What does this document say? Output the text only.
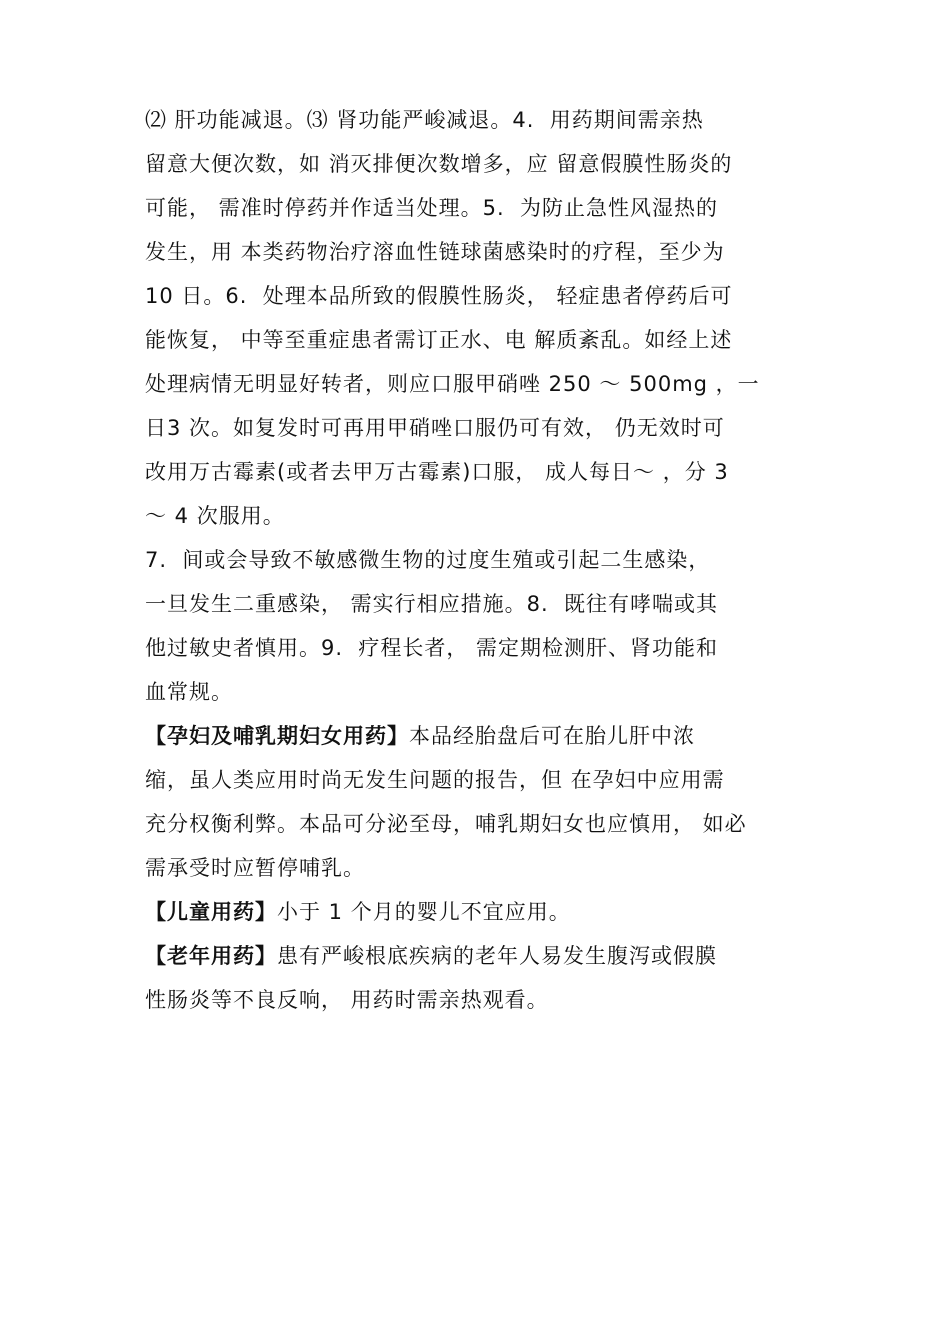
⑵ 肝功能减退。⑶ 肾功能严峻减退。4.  用药期间需亲热
留意大便次数，如 消灭排便次数增多，应 留意假膜性肠炎的
可能， 需准时停药并作适当处理。5.  为防止急性风湿热的
发生，用 本类药物治疗溶血性链球菌感染时的疗程，至少为
10 日。6.  处理本品所致的假膜性肠炎， 轻症患者停药后可
能恢复， 中等至重症患者需订正水、电 解质紊乱。如经上述
处理病情无明显好转者，则应口服甲硝唑 250 ～ 500mg ，一
日3 次。如复发时可再用甲硝唑口服仍可有效， 仍无效时可
改用万古霉素(或者去甲万古霉素)口服， 成人每日～ ，分 3
～ 4 次服用。
7.  间或会导致不敏感微生物的过度生殖或引起二生感染，
一旦发生二重感染， 需实行相应措施。8.  既往有哮喘或其
他过敏史者慎用。9.  疗程长者， 需定期检测肝、肾功能和
血常规。
【孕妇及哺乳期妇女用药】本品经胎盘后可在胎儿肝中浓
缩，虽人类应用时尚无发生问题的报告，但 在孕妇中应用需
充分权衡利弊。本品可分泌至母，哺乳期妇女也应慎用， 如必
需承受时应暂停哺乳。
【儿童用药】小于 1 个月的婴儿不宜应用。
【老年用药】患有严峻根底疾病的老年人易发生腹泻或假膜
性肠炎等不良反响， 用药时需亲热观看。
